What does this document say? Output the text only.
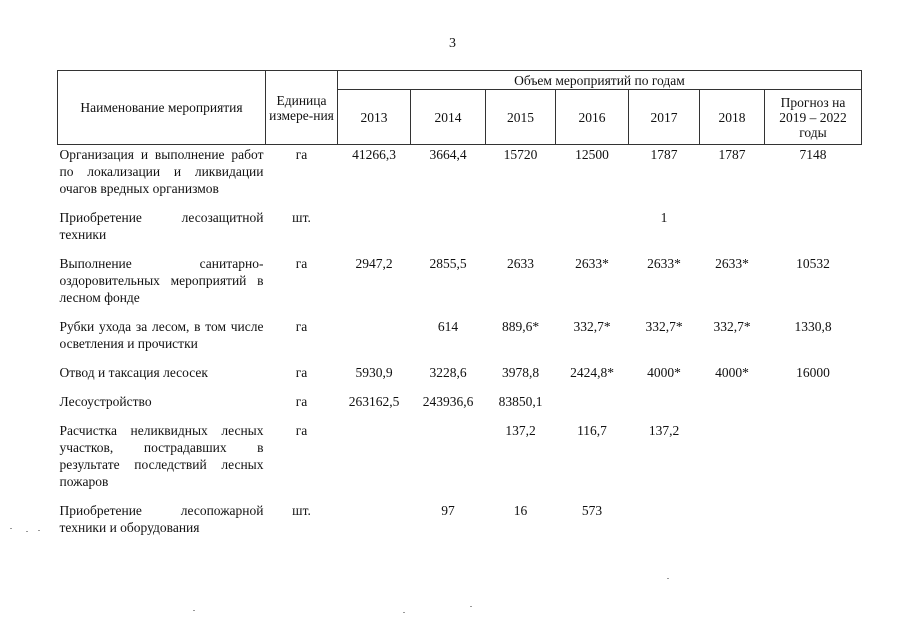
3
Наименование мероприятия	Единица измере-ния	Объем мероприятий по годам						
		2013	2014	2015	2016	2017	2018	Прогноз на 2019 – 2022 годы
Организация и выполнение работ по локализации и ликвидации очагов вредных организмов	га	41266,3	3664,4	15720	12500	1787	1787	7148
Приобретение лесозащитной техники	шт.					1		
Выполнение санитарно-оздоровительных мероприятий в лесном фонде	га	2947,2	2855,5	2633	2633*	2633*	2633*	10532
Рубки ухода за лесом, в том числе осветления и прочистки	га		614	889,6*	332,7*	332,7*	332,7*	1330,8
Отвод и таксация лесосек	га	5930,9	3228,6	3978,8	2424,8*	4000*	4000*	16000
Лесоустройство	га	263162,5	243936,6	83850,1				
Расчистка неликвидных лесных участков, пострадавших в результате последствий лесных пожаров	га			137,2	116,7	137,2		
Приобретение лесопожарной техники и оборудования	шт.		97	16	573			
